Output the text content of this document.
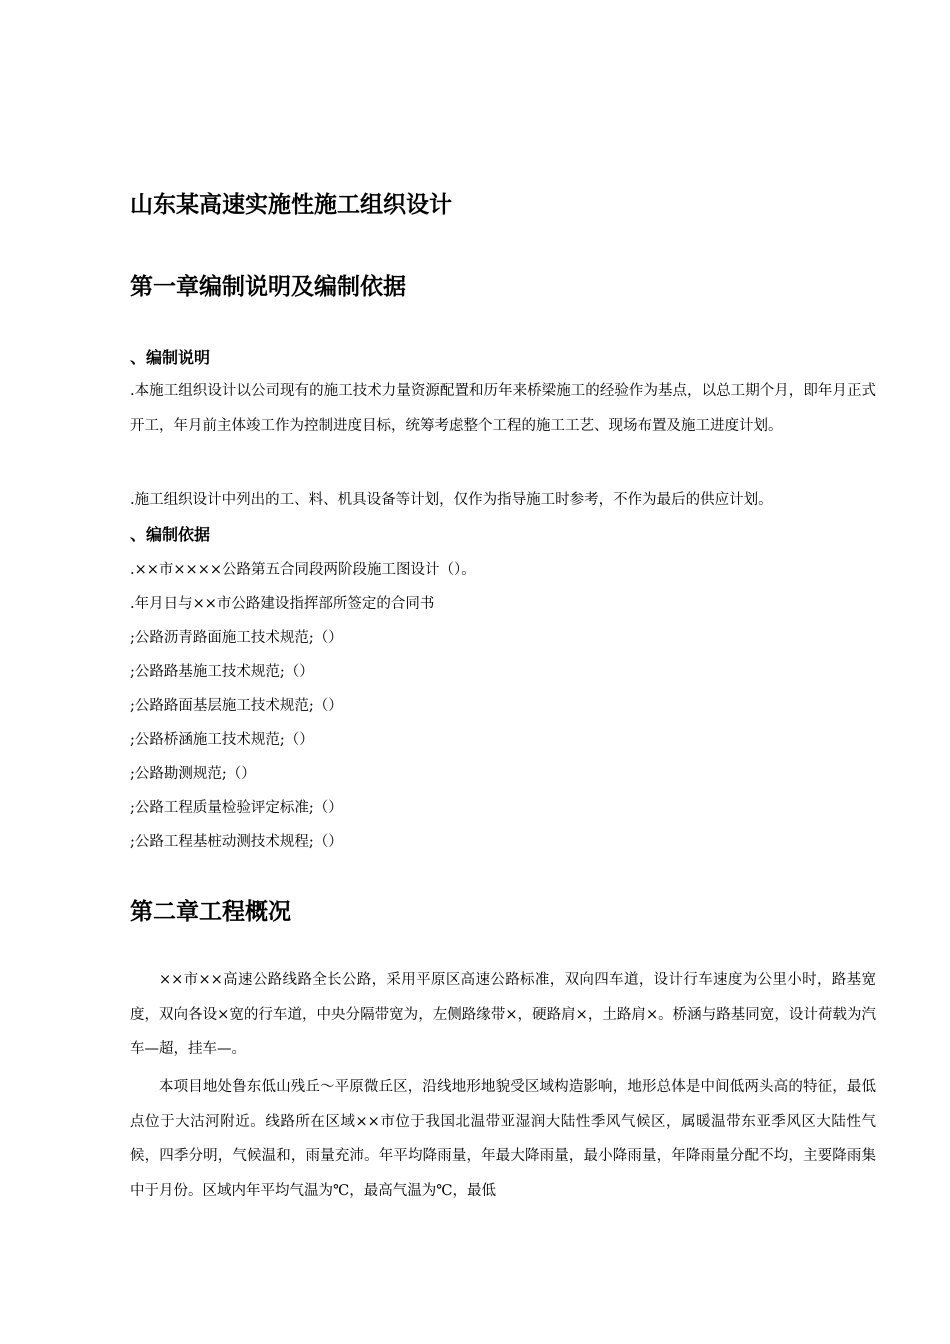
山东某高速实施性施工组织设计
第一章编制说明及编制依据
、编制说明
.本施工组织设计以公司现有的施工技术力量资源配置和历年来桥梁施工的经验作为基点，以总工期个月，即年月正式开工，年月前主体竣工作为控制进度目标，统筹考虑整个工程的施工工艺、现场布置及施工进度计划。
.施工组织设计中列出的工、料、机具设备等计划，仅作为指导施工时参考，不作为最后的供应计划。
、编制依据
.××市××××公路第五合同段两阶段施工图设计（）。
.年月日与××市公路建设指挥部所签定的合同书
;公路沥青路面施工技术规范;（）
;公路路基施工技术规范;（）
;公路路面基层施工技术规范;（）
;公路桥涵施工技术规范;（）
;公路勘测规范;（）
;公路工程质量检验评定标准;（）
;公路工程基桩动测技术规程;（）
第二章工程概况
××市××高速公路线路全长公路，采用平原区高速公路标准，双向四车道，设计行车速度为公里小时，路基宽度，双向各设×宽的行车道，中央分隔带宽为，左侧路缘带×，硬路肩×，土路肩×。桥涵与路基同宽，设计荷载为汽车—超，挂车—。
本项目地处鲁东低山残丘～平原微丘区，沿线地形地貌受区域构造影响，地形总体是中间低两头高的特征，最低点位于大沽河附近。线路所在区域××市位于我国北温带亚湿润大陆性季风气候区，属暖温带东亚季风区大陆性气候，四季分明，气候温和，雨量充沛。年平均降雨量，年最大降雨量，最小降雨量，年降雨量分配不均，主要降雨集中于月份。区域内年平均气温为℃，最高气温为℃，最低
